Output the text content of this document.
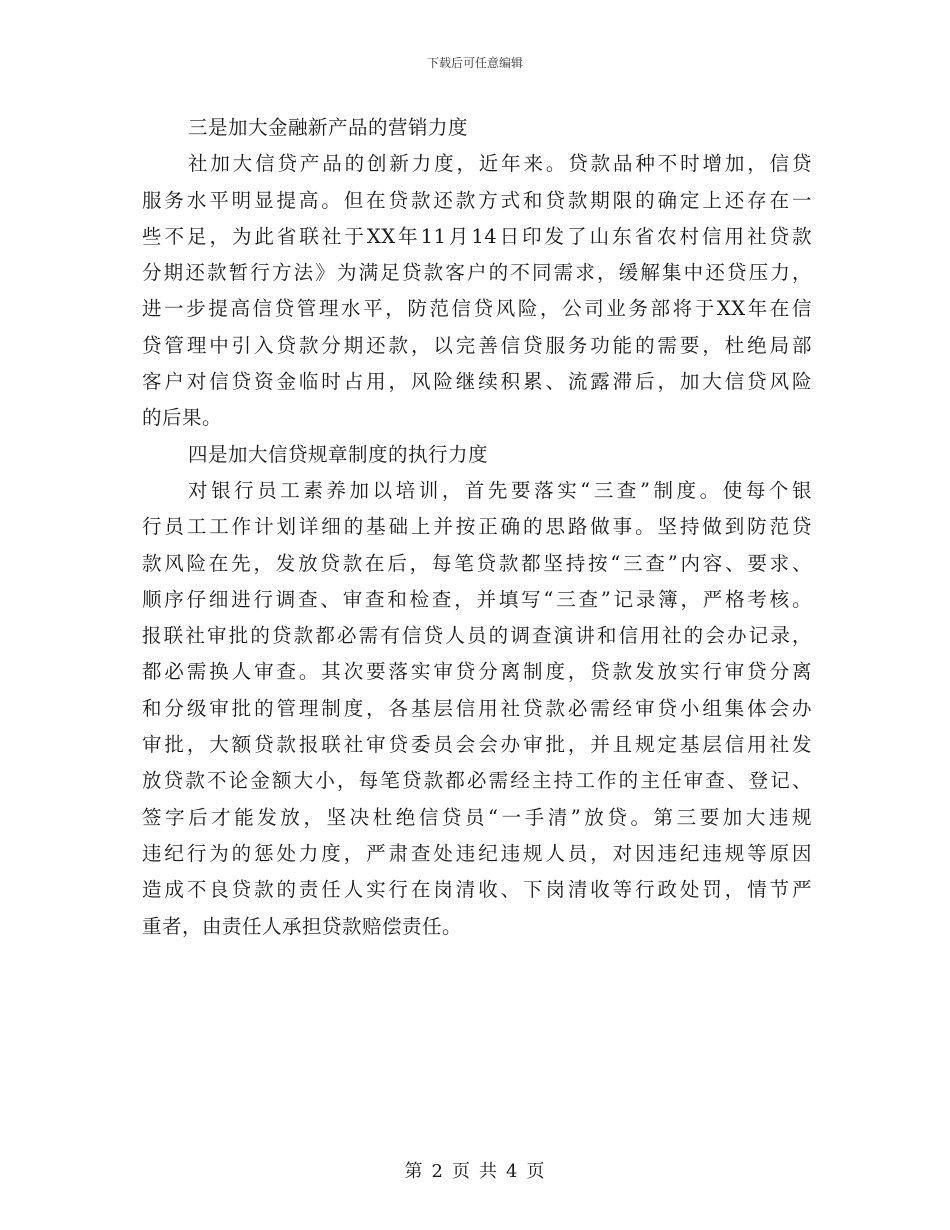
下载后可任意编辑
三是加大金融新产品的营销力度
社加大信贷产品的创新力度，近年来。贷款品种不时增加，信贷
服务水平明显提高。但在贷款还款方式和贷款期限的确定上还存在一
些不足，为此省联社于XX年11月14日印发了山东省农村信用社贷款
分期还款暂行方法》为满足贷款客户的不同需求，缓解集中还贷压力，
进一步提高信贷管理水平，防范信贷风险，公司业务部将于XX年在信
贷管理中引入贷款分期还款，以完善信贷服务功能的需要，杜绝局部
客户对信贷资金临时占用，风险继续积累、流露滞后，加大信贷风险
的后果。
四是加大信贷规章制度的执行力度
对银行员工素养加以培训，首先要落实“三查”制度。使每个银
行员工工作计划详细的基础上并按正确的思路做事。坚持做到防范贷
款风险在先，发放贷款在后，每笔贷款都坚持按“三查”内容、要求、
顺序仔细进行调查、审查和检查，并填写“三查”记录簿，严格考核。
报联社审批的贷款都必需有信贷人员的调查演讲和信用社的会办记录，
都必需换人审查。其次要落实审贷分离制度，贷款发放实行审贷分离
和分级审批的管理制度，各基层信用社贷款必需经审贷小组集体会办
审批，大额贷款报联社审贷委员会会办审批，并且规定基层信用社发
放贷款不论金额大小，每笔贷款都必需经主持工作的主任审查、登记、
签字后才能发放，坚决杜绝信贷员“一手清”放贷。第三要加大违规
违纪行为的惩处力度，严肃查处违纪违规人员，对因违纪违规等原因
造成不良贷款的责任人实行在岗清收、下岗清收等行政处罚，情节严
重者，由责任人承担贷款赔偿责任。
第 2 页 共 4 页
